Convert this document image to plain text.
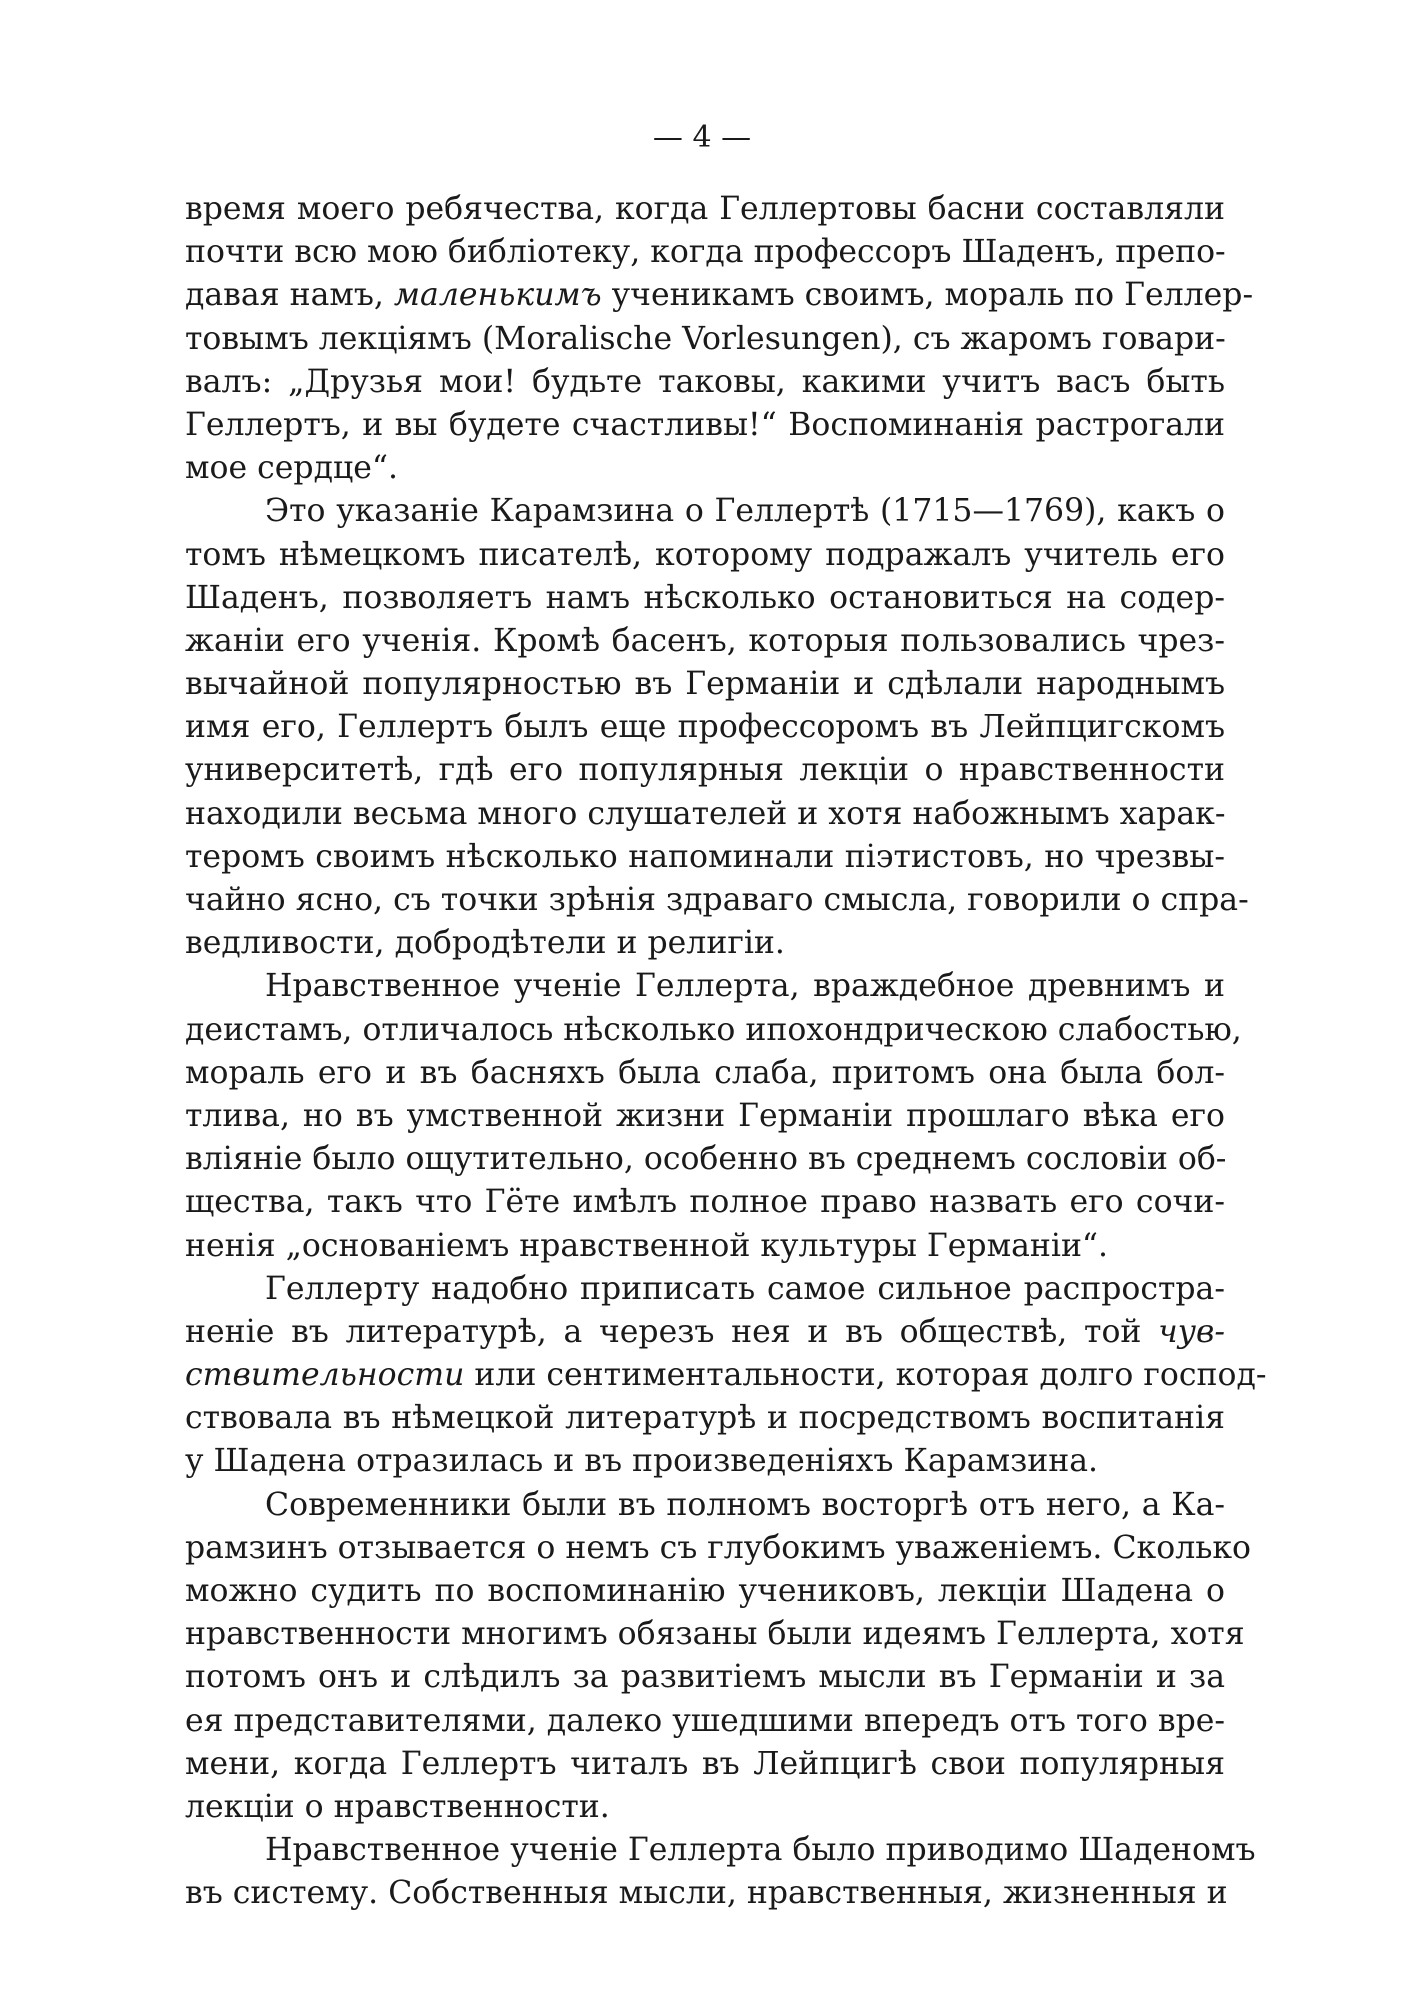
— 4 —
время моего ребячества, когда Геллертовы басни составляли
почти всю мою библіотеку, когда профессоръ Шаденъ, препо-
давая намъ, маленькимъ ученикамъ своимъ, мораль по Геллер-
товымъ лекціямъ (Moralische Vorlesungen), съ жаромъ говари-
валъ: „Друзья мои! будьте таковы, какими учитъ васъ быть
Геллертъ, и вы будете счастливы!“ Воспоминанія растрогали
мое сердце“.
Это указаніе Карамзина о Геллертѣ (1715—1769), какъ о
томъ нѣмецкомъ писателѣ, которому подражалъ учитель его
Шаденъ, позволяетъ намъ нѣсколько остановиться на содер-
жаніи его ученія. Кромѣ басенъ, которыя пользовались чрез-
вычайной популярностью въ Германіи и сдѣлали народнымъ
имя его, Геллертъ былъ еще профессоромъ въ Лейпцигскомъ
университетѣ, гдѣ его популярныя лекціи о нравственности
находили весьма много слушателей и хотя набожнымъ харак-
теромъ своимъ нѣсколько напоминали піэтистовъ, но чрезвы-
чайно ясно, съ точки зрѣнія здраваго смысла, говорили о спра-
ведливости, добродѣтели и религіи.
Нравственное ученіе Геллерта, враждебное древнимъ и
деистамъ, отличалось нѣсколько ипохондрическою слабостью,
мораль его и въ басняхъ была слаба, притомъ она была бол-
тлива, но въ умственной жизни Германіи прошлаго вѣка его
вліяніе было ощутительно, особенно въ среднемъ сословіи об-
щества, такъ что Гёте имѣлъ полное право назвать его сочи-
ненія „основаніемъ нравственной культуры Германіи“.
Геллерту надобно приписать самое сильное распростра-
неніе въ литературѣ, а черезъ нея и въ обществѣ, той чув-
ствительности или сентиментальности, которая долго господ-
ствовала въ нѣмецкой литературѣ и посредствомъ воспитанія
у Шадена отразилась и въ произведеніяхъ Карамзина.
Современники были въ полномъ восторгѣ отъ него, а Ка-
рамзинъ отзывается о немъ съ глубокимъ уваженіемъ. Сколько
можно судить по воспоминанію учениковъ, лекціи Шадена о
нравственности многимъ обязаны были идеямъ Геллерта, хотя
потомъ онъ и слѣдилъ за развитіемъ мысли въ Германіи и за
ея представителями, далеко ушедшими впередъ отъ того вре-
мени, когда Геллертъ читалъ въ Лейпцигѣ свои популярныя
лекціи о нравственности.
Нравственное ученіе Геллерта было приводимо Шаденомъ
въ систему. Собственныя мысли, нравственныя, жизненныя и
